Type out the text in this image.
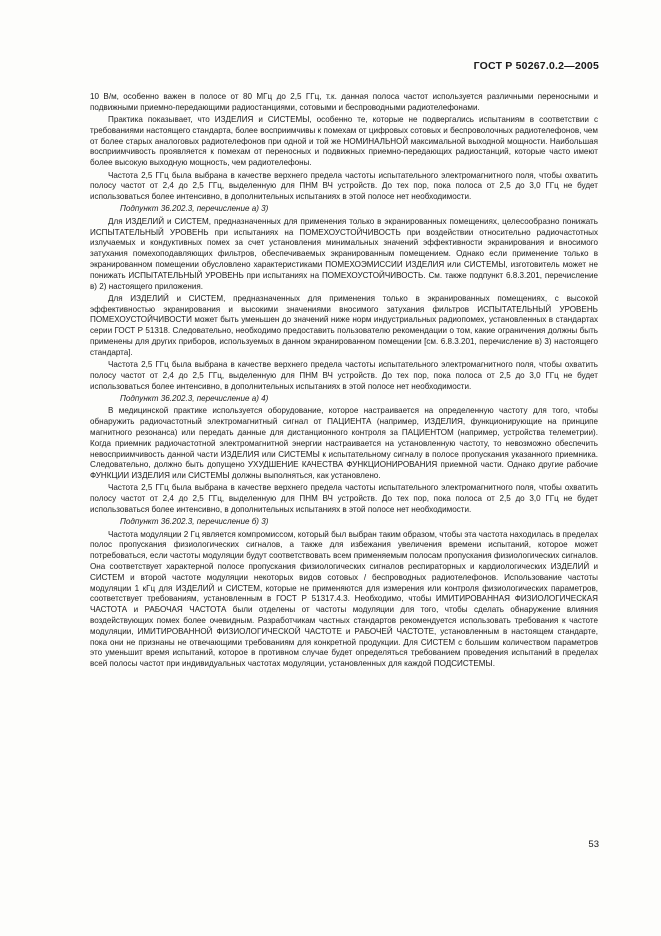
ГОСТ Р 50267.0.2—2005

10 В/м, особенно важен в полосе от 80 МГц до 2,5 ГГц, т.к. данная полоса частот используется различными переносными и подвижными приемно-передающими радиостанциями, сотовыми и беспроводными радиотелефонами.

Практика показывает, что ИЗДЕЛИЯ и СИСТЕМЫ, особенно те, которые не подвергались испытаниям в соответствии с требованиями настоящего стандарта, более восприимчивы к помехам от цифровых сотовых и беспроволочных радиотелефонов, чем от более старых аналоговых радиотелефонов при одной и той же НОМИНАЛЬНОЙ максимальной выходной мощности. Наибольшая восприимчивость проявляется к помехам от переносных и подвижных приемно-передающих радиостанций, которые часто имеют более высокую выходную мощность, чем радиотелефоны.

Частота 2,5 ГГц была выбрана в качестве верхнего предела частоты испытательного электромагнитного поля, чтобы охватить полосу частот от 2,4 до 2,5 ГГц, выделенную для ПНМ ВЧ устройств. До тех пор, пока полоса от 2,5 до 3,0 ГГц не будет использоваться более интенсивно, в дополнительных испытаниях в этой полосе нет необходимости.

Подпункт 36.202.3, перечисление а) 3)

Для ИЗДЕЛИЙ и СИСТЕМ, предназначенных для применения только в экранированных помещениях, целесообразно понижать ИСПЫТАТЕЛЬНЫЙ УРОВЕНЬ при испытаниях на ПОМЕХОУСТОЙЧИВОСТЬ при воздействии относительно радиочастотных излучаемых и кондуктивных помех за счет установления минимальных значений эффективности экранирования и вносимого затухания помехоподавляющих фильтров, обеспечиваемых экранированным помещением. Однако если применение только в экранированном помещении обусловлено характеристиками ПОМЕХОЭМИССИИ ИЗДЕЛИЯ или СИСТЕМЫ, изготовитель может не понижать ИСПЫТАТЕЛЬНЫЙ УРОВЕНЬ при испытаниях на ПОМЕХОУСТОЙЧИВОСТЬ. См. также подпункт 6.8.3.201, перечисление в) 2) настоящего приложения.

Для ИЗДЕЛИЙ и СИСТЕМ, предназначенных для применения только в экранированных помещениях, с высокой эффективностью экранирования и высокими значениями вносимого затухания фильтров ИСПЫТАТЕЛЬНЫЙ УРОВЕНЬ ПОМЕХОУСТОЙЧИВОСТИ может быть уменьшен до значений ниже норм индустриальных радиопомех, установленных в стандартах серии ГОСТ Р 51318. Следовательно, необходимо предоставить пользователю рекомендации о том, какие ограничения должны быть применены для других приборов, используемых в данном экранированном помещении [см. 6.8.3.201, перечисление в) 3) настоящего стандарта].

Частота 2,5 ГГц была выбрана в качестве верхнего предела частоты испытательного электромагнитного поля, чтобы охватить полосу частот от 2,4 до 2,5 ГГц, выделенную для ПНМ ВЧ устройств. До тех пор, пока полоса от 2,5 до 3,0 ГГц не будет использоваться более интенсивно, в дополнительных испытаниях в этой полосе нет необходимости.

Подпункт 36.202.3, перечисление а) 4)

В медицинской практике используется оборудование, которое настраивается на определенную частоту для того, чтобы обнаружить радиочастотный электромагнитный сигнал от ПАЦИЕНТА (например, ИЗДЕЛИЯ, функционирующие на принципе магнитного резонанса) или передать данные для дистанционного контроля за ПАЦИЕНТОМ (например, устройства телеметрии). Когда приемник радиочастотной электромагнитной энергии настраивается на установленную частоту, то невозможно обеспечить невосприимчивость данной части ИЗДЕЛИЯ или СИСТЕМЫ к испытательному сигналу в полосе пропускания указанного приемника. Следовательно, должно быть допущено УХУДШЕНИЕ КАЧЕСТВА ФУНКЦИОНИРОВАНИЯ приемной части. Однако другие рабочие ФУНКЦИИ ИЗДЕЛИЯ или СИСТЕМЫ должны выполняться, как установлено.

Частота 2,5 ГГц была выбрана в качестве верхнего предела частоты испытательного электромагнитного поля, чтобы охватить полосу частот от 2,4 до 2,5 ГГц, выделенную для ПНМ ВЧ устройств. До тех пор, пока полоса от 2,5 до 3,0 ГГц не будет использоваться более интенсивно, в дополнительных испытаниях в этой полосе нет необходимости.

Подпункт 36.202.3, перечисление б) 3)

Частота модуляции 2 Гц является компромиссом, который был выбран таким образом, чтобы эта частота находилась в пределах полос пропускания физиологических сигналов, а также для избежания увеличения времени испытаний, которое может потребоваться, если частоты модуляции будут соответствовать всем применяемым полосам пропускания физиологических сигналов. Она соответствует характерной полосе пропускания физиологических сигналов респираторных и кардиологических ИЗДЕЛИЙ и СИСТЕМ и второй частоте модуляции некоторых видов сотовых / беспроводных радиотелефонов. Использование частоты модуляции 1 кГц для ИЗДЕЛИЙ и СИСТЕМ, которые не применяются для измерения или контроля физиологических параметров, соответствует требованиям, установленным в ГОСТ Р 51317.4.3. Необходимо, чтобы ИМИТИРОВАННАЯ ФИЗИОЛОГИЧЕСКАЯ ЧАСТОТА и РАБОЧАЯ ЧАСТОТА были отделены от частоты модуляции для того, чтобы сделать обнаружение влияния воздействующих помех более очевидным. Разработчикам частных стандартов рекомендуется использовать требования к частоте модуляции, ИМИТИРОВАННОЙ ФИЗИОЛОГИЧЕСКОЙ ЧАСТОТЕ и РАБОЧЕЙ ЧАСТОТЕ, установленным в настоящем стандарте, пока они не признаны не отвечающими требованиям для конкретной продукции. Для СИСТЕМ с большим количеством параметров это уменьшит время испытаний, которое в противном случае будет определяться требованием проведения испытаний в пределах всей полосы частот при индивидуальных частотах модуляции, установленных для каждой ПОДСИСТЕМЫ.

53
